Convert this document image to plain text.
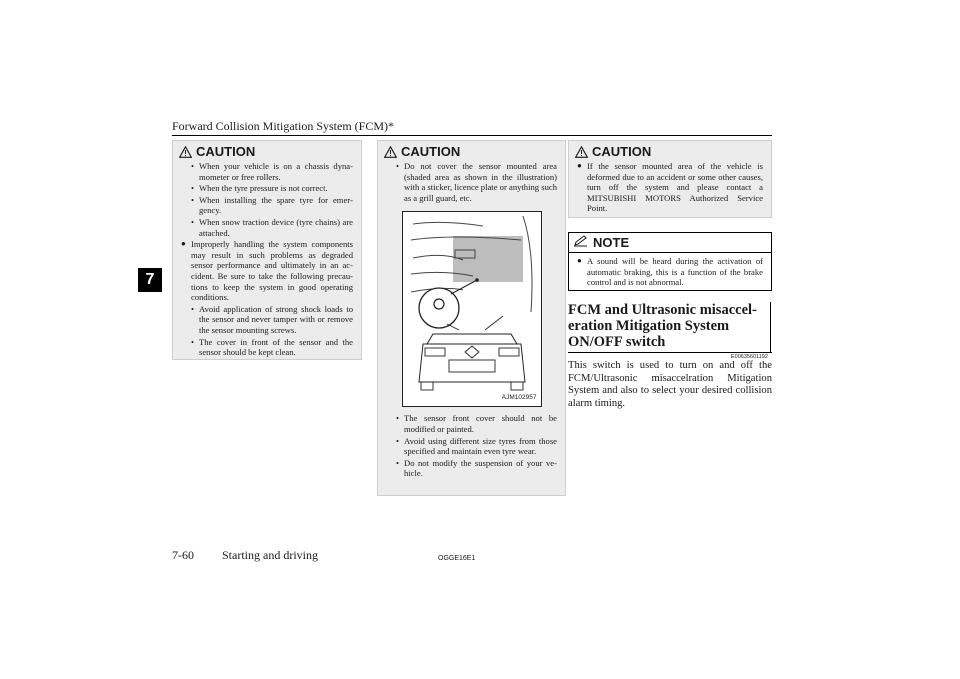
Forward Collision Mitigation System (FCM)*
7
CAUTION
• When your vehicle is on a chassis dynamometer or free rollers.
• When the tyre pressure is not correct.
• When installing the spare tyre for emergency.
• When snow traction device (tyre chains) are attached.
● Improperly handling the system components may result in such problems as degraded sensor performance and ultimately in an accident. Be sure to take the following precautions to keep the system in good operating conditions.
• Avoid application of strong shock loads to the sensor and never tamper with or remove the sensor mounting screws.
• The cover in front of the sensor and the sensor should be kept clean.
CAUTION
• Do not cover the sensor mounted area (shaded area as shown in the illustration) with a sticker, licence plate or anything such as a grill guard, etc.
AJM102957
• The sensor front cover should not be modified or painted.
• Avoid using different size tyres from those specified and maintain even tyre wear.
• Do not modify the suspension of your vehicle.
CAUTION
● If the sensor mounted area of the vehicle is deformed due to an accident or some other causes, turn off the system and please contact a MITSUBISHI MOTORS Authorized Service Point.
NOTE
● A sound will be heard during the activation of automatic braking, this is a function of the brake control and is not abnormal.
FCM and Ultrasonic misacceleration Mitigation System ON/OFF switch
E00635601192
This switch is used to turn on and off the FCM/Ultrasonic misaccelration Mitigation System and also to select your desired collision alarm timing.
7-60 Starting and driving	OGGE16E1
